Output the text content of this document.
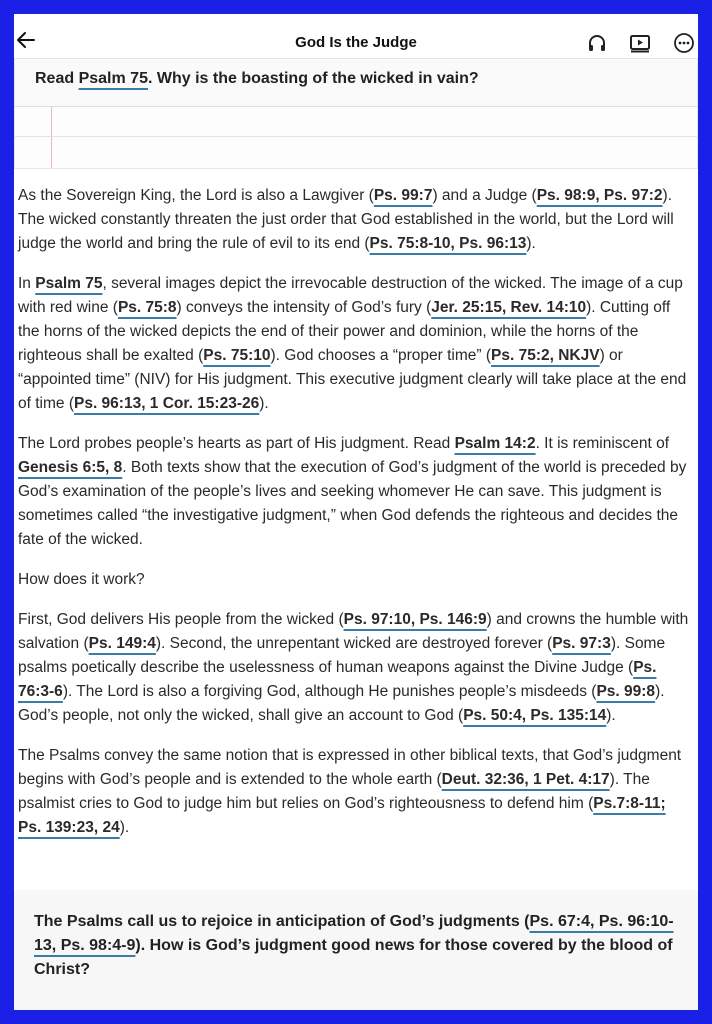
God Is the Judge
Read Psalm 75. Why is the boasting of the wicked in vain?

As the Sovereign King, the Lord is also a Lawgiver (Ps. 99:7) and a Judge (Ps. 98:9, Ps. 97:2). The wicked constantly threaten the just order that God established in the world, but the Lord will judge the world and bring the rule of evil to its end (Ps. 75:8-10, Ps. 96:13).

In Psalm 75, several images depict the irrevocable destruction of the wicked. The image of a cup with red wine (Ps. 75:8) conveys the intensity of God’s fury (Jer. 25:15, Rev. 14:10). Cutting off the horns of the wicked depicts the end of their power and dominion, while the horns of the righteous shall be exalted (Ps. 75:10). God chooses a “proper time” (Ps. 75:2, NKJV) or “appointed time” (NIV) for His judgment. This executive judgment clearly will take place at the end of time (Ps. 96:13, 1 Cor. 15:23-26).

The Lord probes people’s hearts as part of His judgment. Read Psalm 14:2. It is reminiscent of Genesis 6:5, 8. Both texts show that the execution of God’s judgment of the world is preceded by God’s examination of the people’s lives and seeking whomever He can save. This judgment is sometimes called “the investigative judgment,” when God defends the righteous and decides the fate of the wicked.

How does it work?

First, God delivers His people from the wicked (Ps. 97:10, Ps. 146:9) and crowns the humble with salvation (Ps. 149:4). Second, the unrepentant wicked are destroyed forever (Ps. 97:3). Some psalms poetically describe the uselessness of human weapons against the Divine Judge (Ps. 76:3-6). The Lord is also a forgiving God, although He punishes people’s misdeeds (Ps. 99:8). God’s people, not only the wicked, shall give an account to God (Ps. 50:4, Ps. 135:14).

The Psalms convey the same notion that is expressed in other biblical texts, that God’s judgment begins with God’s people and is extended to the whole earth (Deut. 32:36, 1 Pet. 4:17). The psalmist cries to God to judge him but relies on God’s righteousness to defend him (Ps.7:8-11; Ps. 139:23, 24).

The Psalms call us to rejoice in anticipation of God’s judgments (Ps. 67:4, Ps. 96:10-13, Ps. 98:4-9). How is God’s judgment good news for those covered by the blood of Christ?
